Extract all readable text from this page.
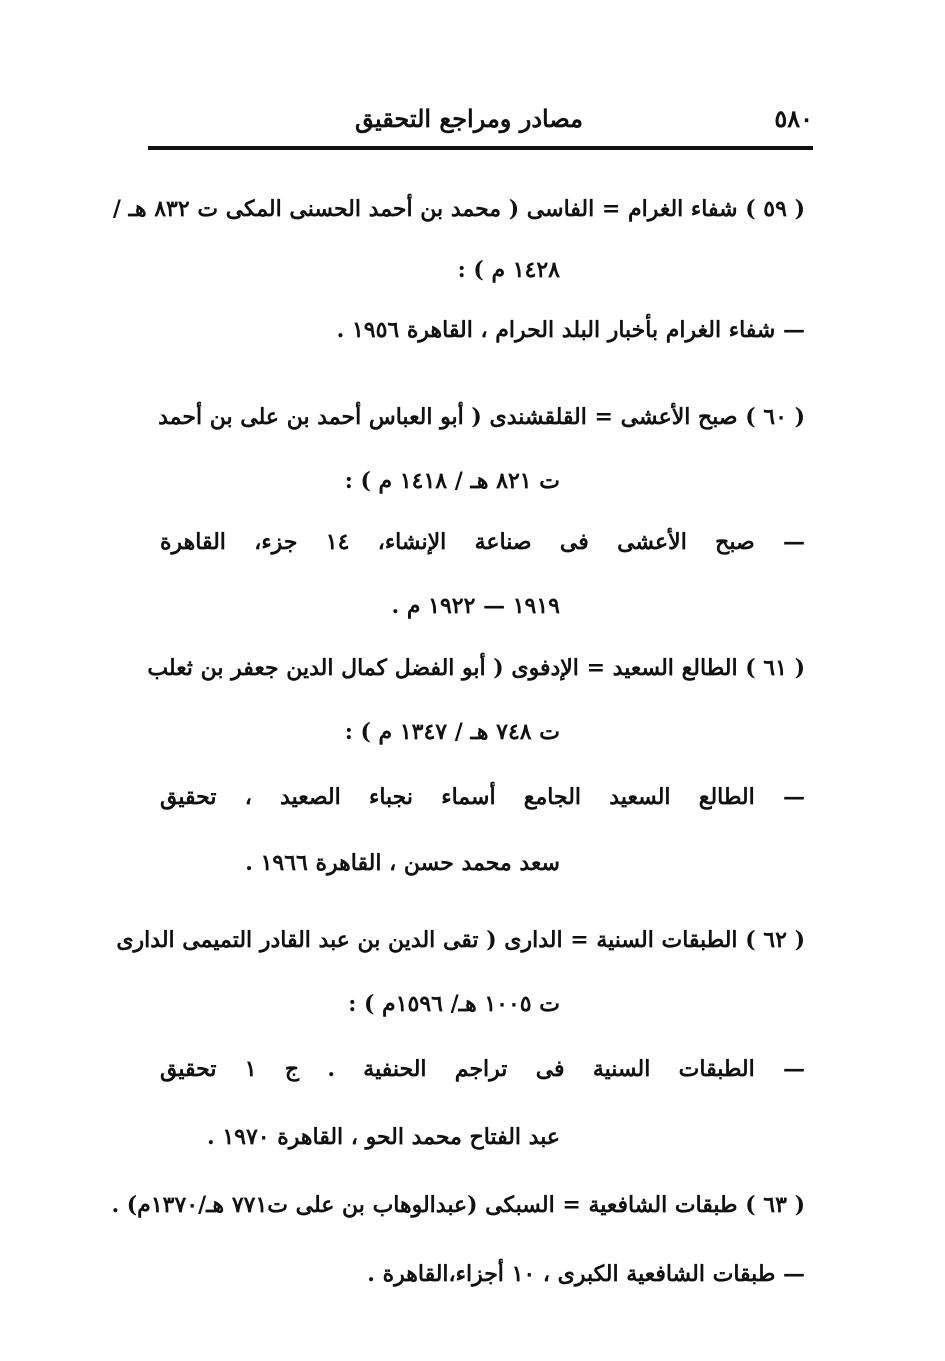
٥٨٠
مصادر ومراجع التحقيق
( ٥٩ ) شفاء الغرام = الفاسى ( محمد بن أحمد الحسنى المكى ت ٨٣٢ هـ /
١٤٢٨ م ) :
— شفاء الغرام بأخبار البلد الحرام ، القاهرة ١٩٥٦ .
( ٦٠ ) صبح الأعشى = القلقشندى ( أبو العباس أحمد بن على بن أحمد
ت ٨٢١ هـ / ١٤١٨ م ) :
— صبح الأعشى فى صناعة الإنشاء، ١٤ جزء، القاهرة
١٩١٩ — ١٩٢٢ م .
( ٦١ ) الطالع السعيد = الإدفوى ( أبو الفضل كمال الدين جعفر بن ثعلب
ت ٧٤٨ هـ / ١٣٤٧ م ) :
— الطالع السعيد الجامع أسماء نجباء الصعيد ، تحقيق
سعد محمد حسن ، القاهرة ١٩٦٦ .
( ٦٢ ) الطبقات السنية = الدارى ( تقى الدين بن عبد القادر التميمى الدارى
ت ١٠٠٥ هـ/ ١٥٩٦م ) :
— الطبقات السنية فى تراجم الحنفية . ج ١ تحقيق
عبد الفتاح محمد الحو ، القاهرة ١٩٧٠ .
( ٦٣ ) طبقات الشافعية = السبكى (عبدالوهاب بن على ت٧٧١ هـ/١٣٧٠م) .
— طبقات الشافعية الكبرى ، ١٠ أجزاء،القاهرة .
